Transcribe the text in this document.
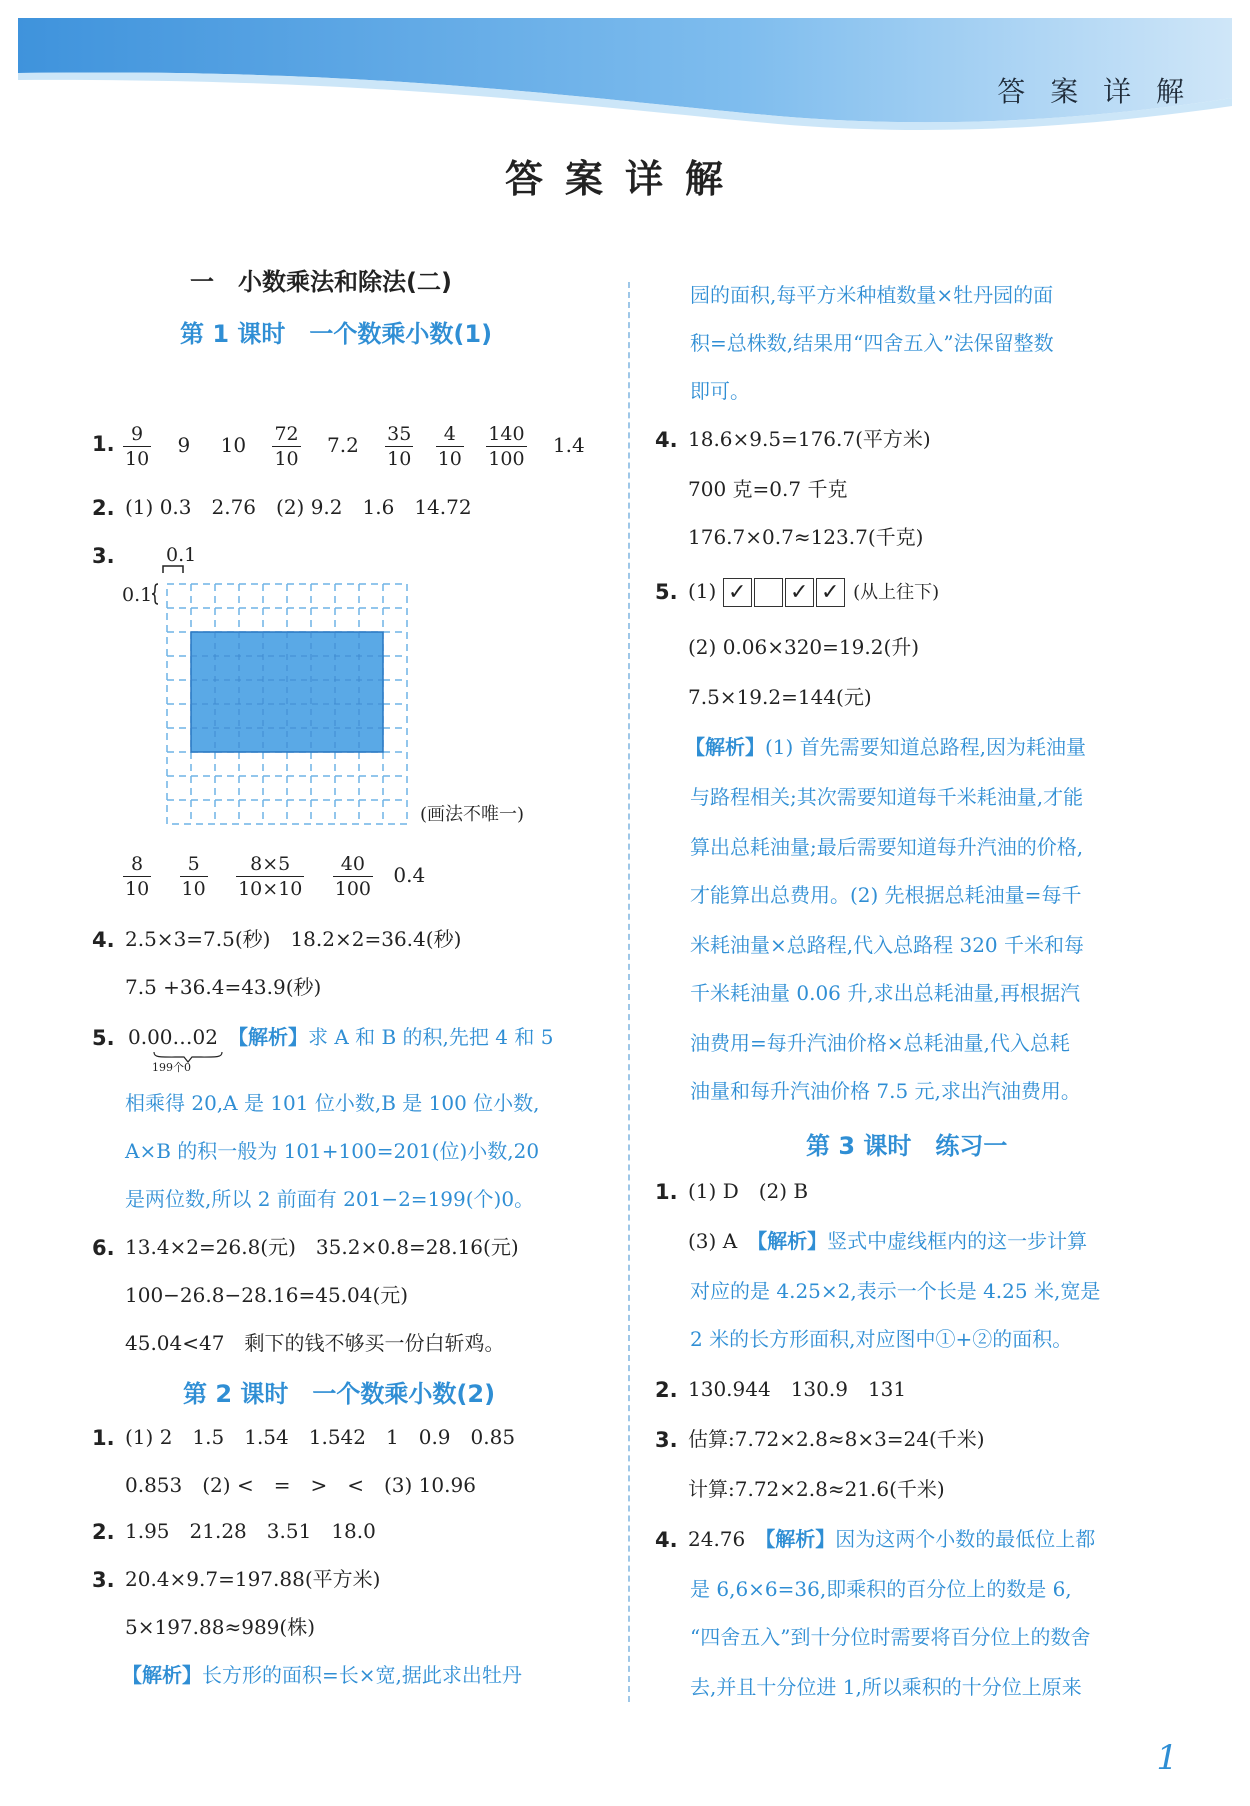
答 案 详 解
答案详解
一　小数乘法和除法(二)
第 1 课时　一个数乘小数(1)
1. $\frac{9}{10} 9$ $10 \frac{72}{10} 7.2 \frac{35}{10}$
$\frac{4}{10}$
$\frac{140}{100} 1.4$
2. (1) 0.3　2.76　(2) 9.2　1.6　14.72
3.	0.1
0.1
(画法不唯一)
$\frac{8}{10}$
$\frac{5}{10}$
$\frac{8\times 5}{10\times 10}$
$\frac{40}{100} 0.4$
4. 2.5×3=7.5(秒)　18.2×2=36.4(秒)
7.5 +36.4=43.9(秒)
5. 0.00…02　 【解析】求 A 和 B 的积,先把 4 和 5
199个0
相乘得 20,A 是 101 位小数,B 是 100 位小数,
A×B 的积一般为 101+100=201(位)小数,20
是两位数,所以 2 前面有 201−2=199(个)0。
6. 13.4×2=26.8(元)　35.2×0.8=28.16(元)
100−26.8−28.16=45.04(元)
45.04<47　剩下的钱不够买一份白斩鸡。
第 2 课时　一个数乘小数(2)
1. (1) 2　1.5　1.54　1.542　1　0.9　0.85
0.853　(2) <　=　>　<　(3) 10.96
2. 1.95　21.28　3.51　18.0
3. 20.4×9.7=197.88(平方米)
5×197.88≈989(株)
【解析】长方形的面积=长×宽,据此求出牡丹
园的面积,每平方米种植数量×牡丹园的面
积=总株数,结果用“四舍五入”法保留整数
即可。
4. 18.6×9.5=176.7(平方米)
700 克=0.7 千克
176.7×0.7≈123.7(千克)
5. (1) ✓ ✓ ✓ (从上往下)
(2) 0.06×320=19.2(升)
7.5×19.2=144(元)
【解析】(1) 首先需要知道总路程,因为耗油量
与路程相关;其次需要知道每千米耗油量,才能
算出总耗油量;最后需要知道每升汽油的价格,
才能算出总费用。(2) 先根据总耗油量=每千
米耗油量×总路程,代入总路程 320 千米和每
千米耗油量 0.06 升,求出总耗油量,再根据汽
油费用=每升汽油价格×总耗油量,代入总耗
油量和每升汽油价格 7.5 元,求出汽油费用。
第 3 课时　练习一
1. (1) D　(2) B
(3) A　【解析】竖式中虚线框内的这一步计算
对应的是 4.25×2,表示一个长是 4.25 米,宽是
2 米的长方形面积,对应图中①+②的面积。
2. 130.944　130.9　131
3. 估算:7.72×2.8≈8×3=24(千米)
计算:7.72×2.8≈21.6(千米)
4. 24.76　【解析】因为这两个小数的最低位上都
是 6,6×6=36,即乘积的百分位上的数是 6,
“四舍五入”到十分位时需要将百分位上的数舍
去,并且十分位进 1,所以乘积的十分位上原来
1
